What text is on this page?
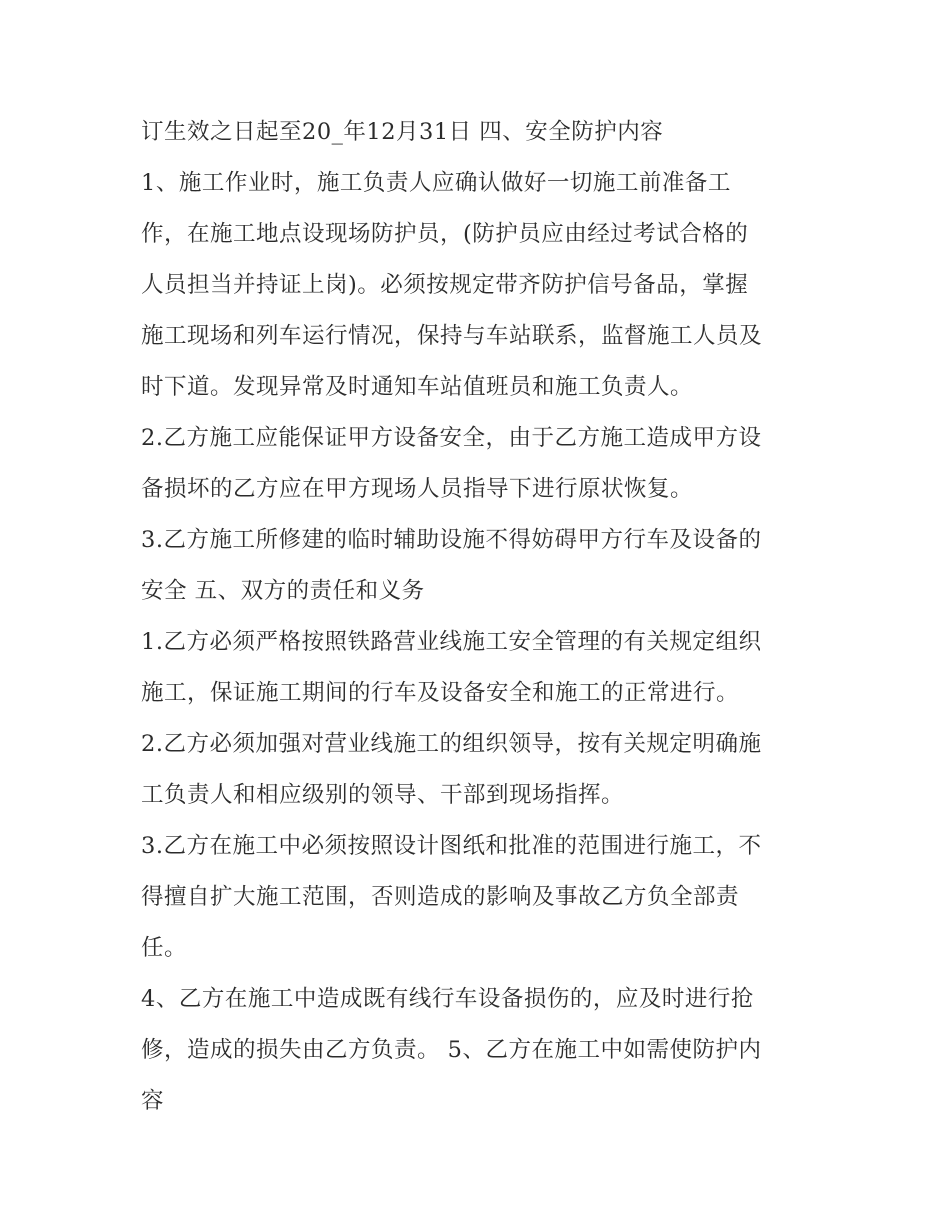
订生效之日起至20_年12月31日 四、安全防护内容
1、施工作业时，施工负责人应确认做好一切施工前准备工
作，在施工地点设现场防护员，(防护员应由经过考试合格的
人员担当并持证上岗)。必须按规定带齐防护信号备品，掌握
施工现场和列车运行情况，保持与车站联系，监督施工人员及
时下道。发现异常及时通知车站值班员和施工负责人。
2.乙方施工应能保证甲方设备安全，由于乙方施工造成甲方设
备损坏的乙方应在甲方现场人员指导下进行原状恢复。
3.乙方施工所修建的临时辅助设施不得妨碍甲方行车及设备的
安全 五、双方的责任和义务
1.乙方必须严格按照铁路营业线施工安全管理的有关规定组织
施工，保证施工期间的行车及设备安全和施工的正常进行。
2.乙方必须加强对营业线施工的组织领导，按有关规定明确施
工负责人和相应级别的领导、干部到现场指挥。
3.乙方在施工中必须按照设计图纸和批准的范围进行施工，不
得擅自扩大施工范围，否则造成的影响及事故乙方负全部责
任。
4、乙方在施工中造成既有线行车设备损伤的，应及时进行抢
修，造成的损失由乙方负责。 5、乙方在施工中如需使防护内
容
